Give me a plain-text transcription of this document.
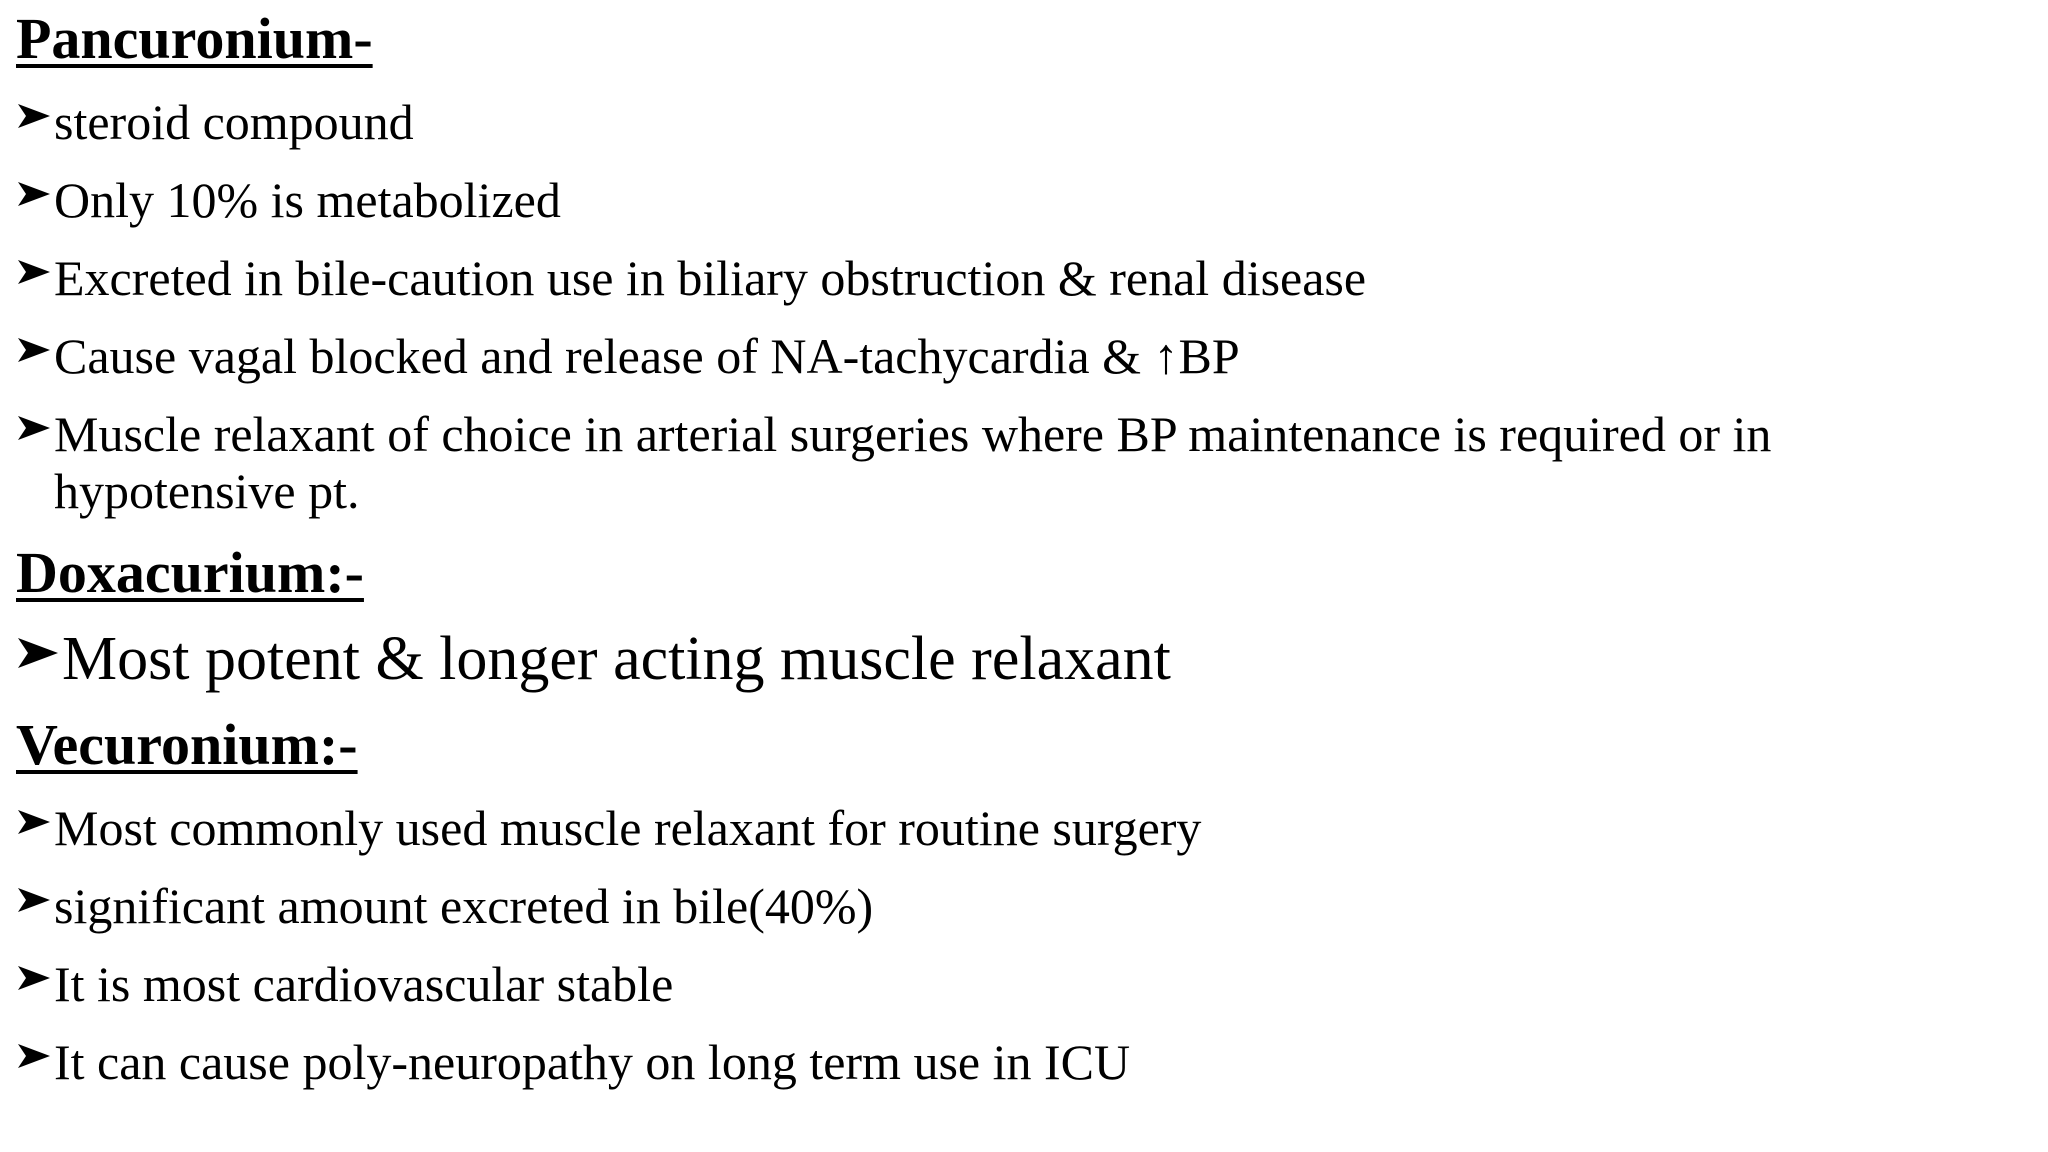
Pancuronium-
steroid compound
Only 10% is metabolized
Excreted in bile-caution use in biliary obstruction & renal disease
Cause vagal blocked and release of NA-tachycardia & ↑BP
Muscle relaxant of choice in arterial surgeries where BP maintenance is required or in hypotensive pt.
Doxacurium:-
Most potent & longer acting muscle relaxant
Vecuronium:-
Most commonly used muscle relaxant for routine surgery
significant amount excreted in bile(40%)
It is most cardiovascular stable
It can cause poly-neuropathy on long term use in ICU
